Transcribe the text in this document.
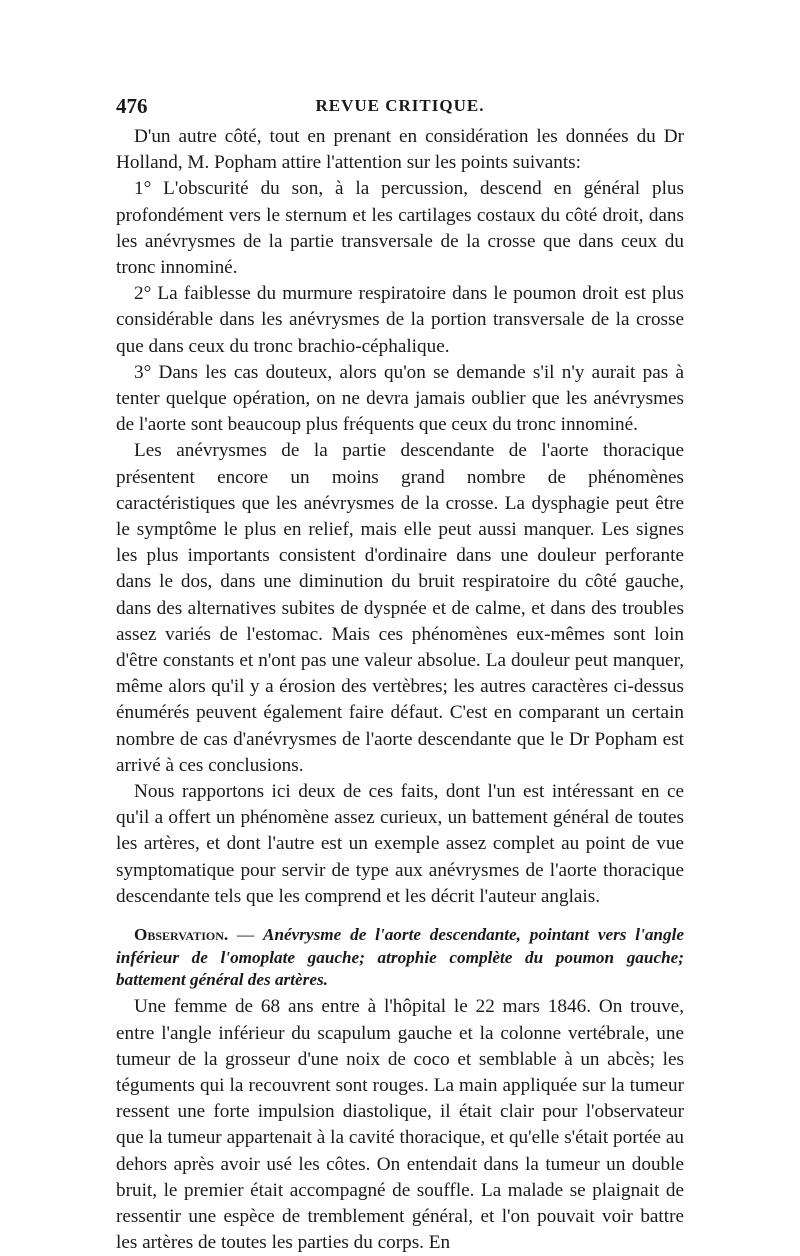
476	REVUE CRITIQUE.

D'un autre côté, tout en prenant en considération les données du Dr Holland, M. Popham attire l'attention sur les points suivants:

1° L'obscurité du son, à la percussion, descend en général plus profondément vers le sternum et les cartilages costaux du côté droit, dans les anévrysmes de la partie transversale de la crosse que dans ceux du tronc innominé.

2° La faiblesse du murmure respiratoire dans le poumon droit est plus considérable dans les anévrysmes de la portion transversale de la crosse que dans ceux du tronc brachio-céphalique.

3° Dans les cas douteux, alors qu'on se demande s'il n'y aurait pas à tenter quelque opération, on ne devra jamais oublier que les anévrysmes de l'aorte sont beaucoup plus fréquents que ceux du tronc innominé.

Les anévrysmes de la partie descendante de l'aorte thoracique présentent encore un moins grand nombre de phénomènes caractéristiques que les anévrysmes de la crosse. La dysphagie peut être le symptôme le plus en relief, mais elle peut aussi manquer. Les signes les plus importants consistent d'ordinaire dans une douleur perforante dans le dos, dans une diminution du bruit respiratoire du côté gauche, dans des alternatives subites de dyspnée et de calme, et dans des troubles assez variés de l'estomac. Mais ces phénomènes eux-mêmes sont loin d'être constants et n'ont pas une valeur absolue. La douleur peut manquer, même alors qu'il y a érosion des vertèbres; les autres caractères ci-dessus énumérés peuvent également faire défaut. C'est en comparant un certain nombre de cas d'anévrysmes de l'aorte descendante que le Dr Popham est arrivé à ces conclusions.

Nous rapportons ici deux de ces faits, dont l'un est intéressant en ce qu'il a offert un phénomène assez curieux, un battement général de toutes les artères, et dont l'autre est un exemple assez complet au point de vue symptomatique pour servir de type aux anévrysmes de l'aorte thoracique descendante tels que les comprend et les décrit l'auteur anglais.

Observation. — Anévrysme de l'aorte descendante, pointant vers l'angle inférieur de l'omoplate gauche; atrophie complète du poumon gauche; battement général des artères.

Une femme de 68 ans entre à l'hôpital le 22 mars 1846. On trouve, entre l'angle inférieur du scapulum gauche et la colonne vertébrale, une tumeur de la grosseur d'une noix de coco et semblable à un abcès; les téguments qui la recouvrent sont rouges. La main appliquée sur la tumeur ressent une forte impulsion diastolique, il était clair pour l'observateur que la tumeur appartenait à la cavité thoracique, et qu'elle s'était portée au dehors après avoir usé les côtes. On entendait dans la tumeur un double bruit, le premier était accompagné de souffle. La malade se plaignait de ressentir une espèce de tremblement général, et l'on pouvait voir battre les artères de toutes les parties du corps. En
